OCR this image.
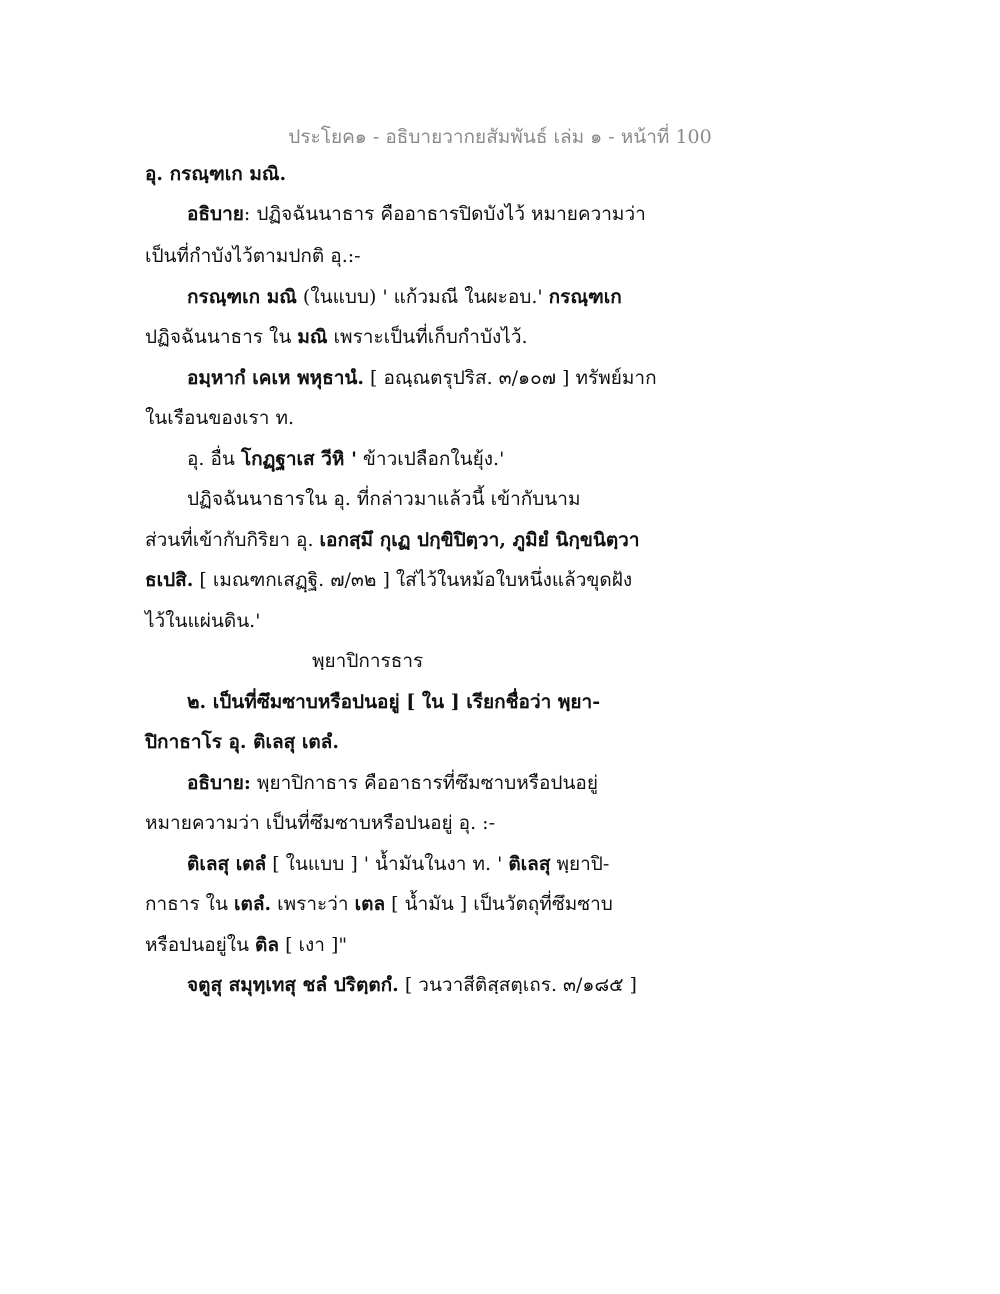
ประโยค๑ - อธิบายวากยสัมพันธ์ เล่ม ๑ - หน้าที่ 100
อุ. กรณฺฑเก มณิ.
อธิบาย: ปฏิจฉันนาธาร คืออาธารปิดบังไว้ หมายความว่า
เป็นที่กำบังไว้ตามปกติ อุ.:-
กรณฺฑเก มณิ (ในแบบ) ' แก้วมณี ในผะอบ.' กรณฺฑเก
ปฏิจฉันนาธาร ใน มณิ เพราะเป็นที่เก็บกำบังไว้.
อมฺหากํ เคเห พหุธานํ. [ อณฺณตรุปริส. ๓/๑๐๗ ] ทรัพย์มาก
ในเรือนของเรา ท.
อุ. อื่น โกฏฺฐาเส วีหิ ' ข้าวเปลือกในยุ้ง.'
ปฏิจฉันนาธารใน อุ. ที่กล่าวมาแล้วนี้ เข้ากับนาม
ส่วนที่เข้ากับกิริยา อุ. เอกสฺมึ กุเฏ ปกฺขิปิตฺวา, ภูมิยํ นิกฺขนิตฺวา
ธเปสิ. [ เมณฑกเสฏฺฐิ. ๗/๓๒ ] ใส่ไว้ในหม้อใบหนึ่งแล้วขุดฝัง
ไว้ในแผ่นดิน.'
พฺยาปิการธาร
๒. เป็นที่ซึมซาบหรือปนอยู่ [ ใน ] เรียกชื่อว่า พฺยา-
ปิกาธาโร อุ. ติเลสุ เตลํ.
อธิบาย: พฺยาปิกาธาร คืออาธารที่ซึมซาบหรือปนอยู่
หมายความว่า เป็นที่ซึมซาบหรือปนอยู่ อุ. :-
ติเลสุ เตลํ [ ในแบบ ] ' น้ำมันในงา ท. ' ติเลสุ พฺยาปิ-
กาธาร ใน เตลํ. เพราะว่า เตล [ น้ำมัน ] เป็นวัตถุที่ซึมซาบ
หรือปนอยู่ใน ติล [ เงา ]"
จตูสุ สมุทฺเทสุ ชลํ ปริตฺตกํ. [ วนวาสีติสฺสตฺเถร. ๓/๑๘๕ ]
